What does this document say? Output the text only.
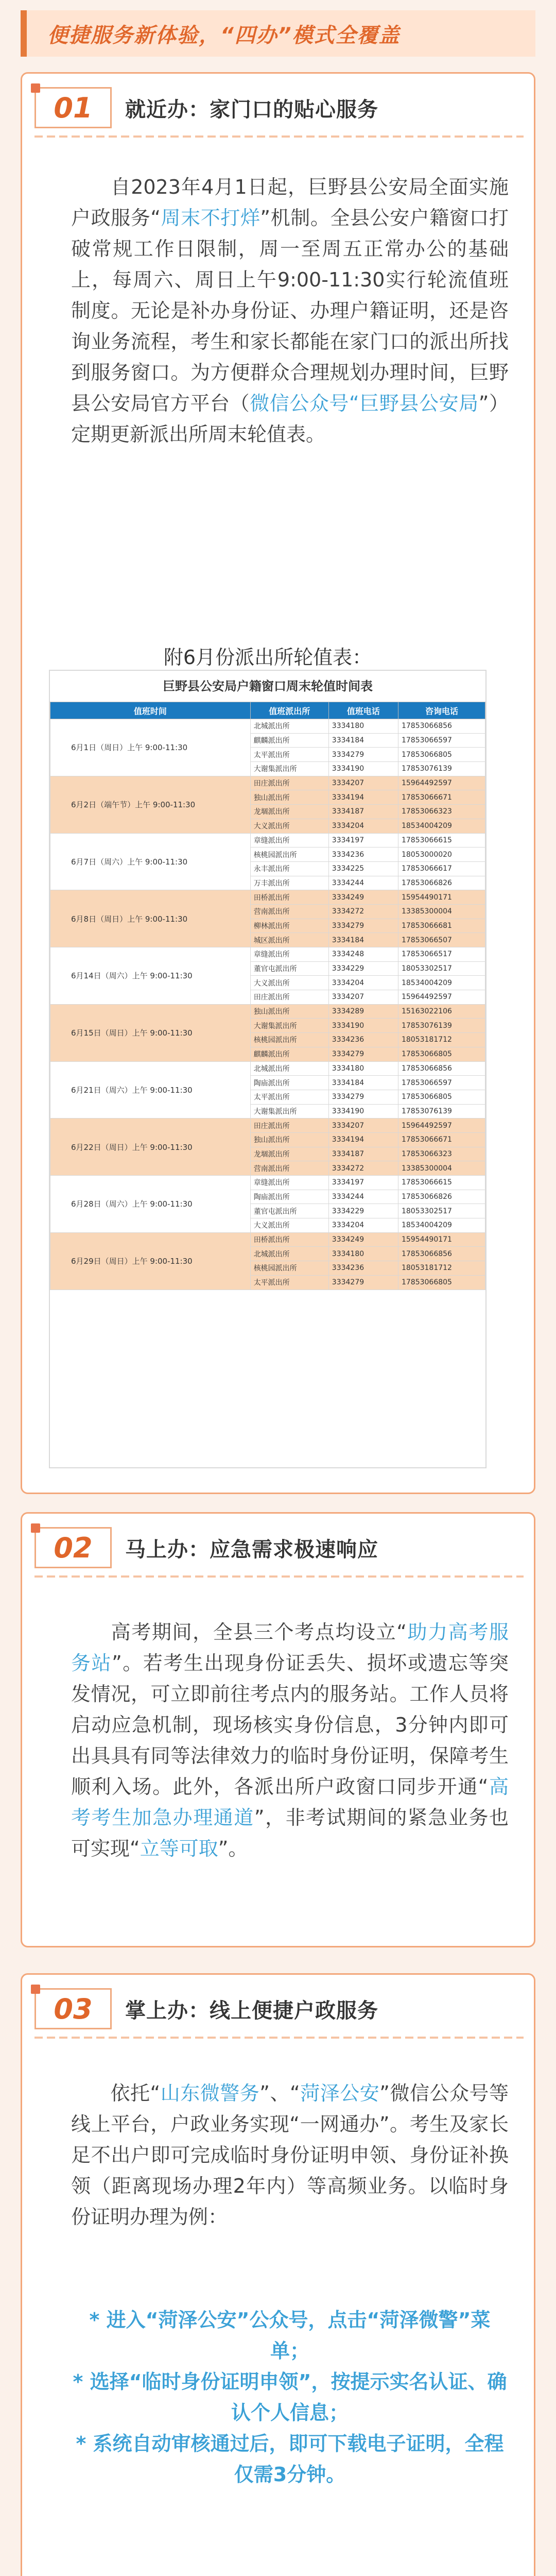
便捷服务新体验，“四办”模式全覆盖
01 就近办：家门口的贴心服务

  自2023年4月1日起，巨野县公安局全面实施户政服务“周末不打烊”机制。全县公安户籍窗口打破常规工作日限制，周一至周五正常办公的基础上，每周六、周日上午9:00-11:30实行轮流值班制度。无论是补办身份证、办理户籍证明，还是咨询业务流程，考生和家长都能在家门口的派出所找到服务窗口。为方便群众合理规划办理时间，巨野县公安局官方平台（微信公众号“巨野县公安局”）定期更新派出所周末轮值表。

附6月份派出所轮值表：
巨野县公安局户籍窗口周末轮值时间表
值班时间	值班派出所	值班电话	咨询电话
6月1日（周日）上午 9:00-11:30	北城派出所	3334180	17853066856
	麒麟派出所	3334184	17853066597
	太平派出所	3334279	17853066805
	大谢集派出所	3334190	17853076139
6月2日（端午节）上午 9:00-11:30	田庄派出所	3334207	15964492597
	独山派出所	3334194	17853066671
	龙堌派出所	3334187	17853066323
	大义派出所	3334204	18534004209
6月7日（周六）上午 9:00-11:30	章缝派出所	3334197	17853066615
	核桃园派出所	3334236	18053000020
	永丰派出所	3334225	17853066617
	万丰派出所	3334244	17853066826
6月8日（周日）上午 9:00-11:30	田桥派出所	3334249	15954490171
	营南派出所	3334272	13385300004
	柳林派出所	3334279	17853066681
	城区派出所	3334184	17853066507
6月14日（周六）上午 9:00-11:30	章缝派出所	3334248	17853066517
	董官屯派出所	3334229	18053302517
	大义派出所	3334204	18534004209
	田庄派出所	3334207	15964492597
6月15日（周日）上午 9:00-11:30	独山派出所	3334289	15163022106
	大谢集派出所	3334190	17853076139
	核桃园派出所	3334236	18053181712
	麒麟派出所	3334279	17853066805
6月21日（周六）上午 9:00-11:30	北城派出所	3334180	17853066856
	陶庙派出所	3334184	17853066597
	太平派出所	3334279	17853066805
	大谢集派出所	3334190	17853076139
6月22日（周日）上午 9:00-11:30	田庄派出所	3334207	15964492597
	独山派出所	3334194	17853066671
	龙堌派出所	3334187	17853066323
	营南派出所	3334272	13385300004
6月28日（周六）上午 9:00-11:30	章缝派出所	3334197	17853066615
	陶庙派出所	3334244	17853066826
	董官屯派出所	3334229	18053302517
	大义派出所	3334204	18534004209
6月29日（周日）上午 9:00-11:30	田桥派出所	3334249	15954490171
	北城派出所	3334180	17853066856
	核桃园派出所	3334236	18053181712
	太平派出所	3334279	17853066805
02 马上办：应急需求极速响应

  高考期间，全县三个考点均设立“助力高考服务站”。若考生出现身份证丢失、损坏或遗忘等突发情况，可立即前往考点内的服务站。工作人员将启动应急机制，现场核实身份信息，3分钟内即可出具具有同等法律效力的临时身份证明，保障考生顺利入场。此外，各派出所户政窗口同步开通“高考考生加急办理通道”，非考试期间的紧急业务也可实现“立等可取”。

03 掌上办：线上便捷户政服务

  依托“山东微警务”、“菏泽公安”微信公众号等线上平台，户政业务实现“一网通办”。考生及家长足不出户即可完成临时身份证明申领、身份证补换领（距离现场办理2年内）等高频业务。以临时身份证明办理为例：

* 进入“菏泽公安”公众号，点击“菏泽微警”菜单；
* 选择“临时身份证明申领”，按提示实名认证、确认个人信息；
* 系统自动审核通过后，即可下载电子证明，全程仅需3分钟。
